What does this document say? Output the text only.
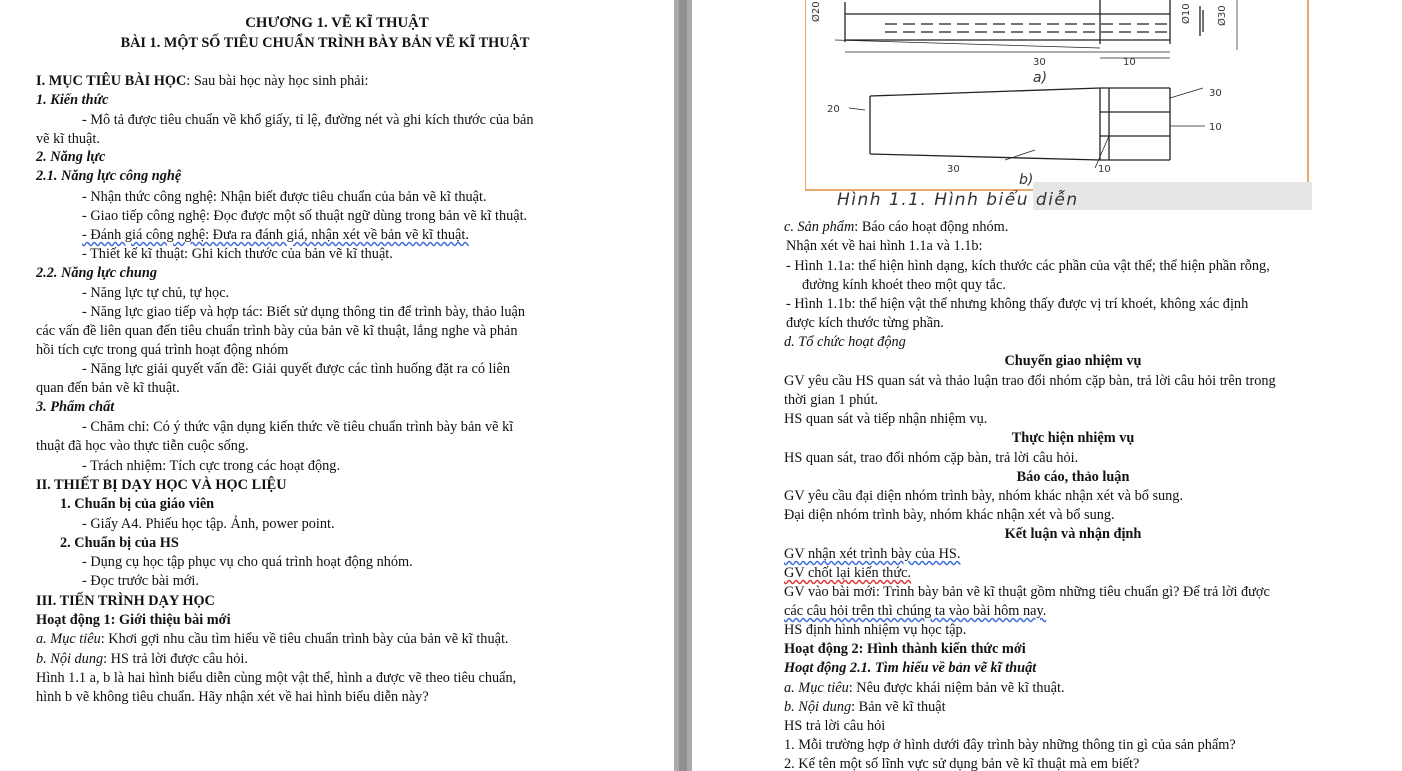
CHƯƠNG 1. VẼ KĨ THUẬT
BÀI 1. MỘT SỐ TIÊU CHUẨN TRÌNH BÀY BẢN VẼ KĨ THUẬT
I. MỤC TIÊU BÀI HỌC: Sau bài học này học sinh phải:
1. Kiến thức
- Mô tả được tiêu chuẩn về khổ giấy, tỉ lệ, đường nét và ghi kích thước của bản
vẽ kĩ thuật.
2. Năng lực
2.1. Năng lực công nghệ
- Nhận thức công nghệ: Nhận biết được tiêu chuẩn của bản vẽ kĩ thuật.
- Giao tiếp công nghệ: Đọc được một số thuật ngữ dùng trong bản vẽ kĩ thuật.
- Đánh giá công nghệ: Đưa ra đánh giá, nhận xét về bản vẽ kĩ thuật.
- Thiết kế kĩ thuật: Ghi kích thước của bản vẽ kĩ thuật.
2.2. Năng lực chung
- Năng lực tự chủ, tự học.
- Năng lực giao tiếp và hợp tác: Biết sử dụng thông tin để trình bày, thảo luận
các vấn đề liên quan đến tiêu chuẩn trình bày của bản vẽ kĩ thuật, lắng nghe và phản
hồi tích cực trong quá trình hoạt động nhóm
- Năng lực giải quyết vấn đề: Giải quyết được các tình huống đặt ra có liên
quan đến bản vẽ kĩ thuật.
3. Phẩm chất
- Chăm chỉ: Có ý thức vận dụng kiến thức về tiêu chuẩn trình bày bản vẽ kĩ
thuật đã học vào thực tiễn cuộc sống.
- Trách nhiệm: Tích cực trong các hoạt động.
II. THIẾT BỊ DẠY HỌC VÀ HỌC LIỆU
1. Chuẩn bị của giáo viên
- Giấy A4. Phiếu học tập. Ảnh, power point.
2. Chuẩn bị của HS
- Dụng cụ học tập phục vụ cho quá trình hoạt động nhóm.
- Đọc trước bài mới.
III. TIẾN TRÌNH DẠY HỌC
Hoạt động 1: Giới thiệu bài mới
a. Mục tiêu: Khơi gợi nhu cầu tìm hiểu về tiêu chuẩn trình bày của bản vẽ kĩ thuật.
b. Nội dung: HS trả lời được câu hỏi.
Hình 1.1 a, b là hai hình biểu diễn cùng một vật thể, hình a được vẽ theo tiêu chuẩn,
hình b vẽ không tiêu chuẩn. Hãy nhận xét về hai hình biểu diễn này?
Ø20	Ø10	Ø30
30	10
a)
30
20
10
30	10
b)
Hình 1.1. Hình biểu diễn
c. Sản phẩm: Báo cáo hoạt động nhóm.
Nhận xét về hai hình 1.1a và 1.1b:
- Hình 1.1a: thể hiện hình dạng, kích thước các phần của vật thể; thể hiện phần rỗng,
đường kính khoét theo một quy tắc.
- Hình 1.1b: thể hiện vật thể nhưng không thấy được vị trí khoét, không xác định
được kích thước từng phần.
d. Tổ chức hoạt động
Chuyển giao nhiệm vụ
GV yêu cầu HS quan sát và thảo luận trao đổi nhóm cặp bàn, trả lời câu hỏi trên trong
thời gian 1 phút.
HS quan sát và tiếp nhận nhiệm vụ.
Thực hiện nhiệm vụ
HS quan sát, trao đổi nhóm cặp bàn, trả lời câu hỏi.
Báo cáo, thảo luận
GV yêu cầu đại diện nhóm trình bày, nhóm khác nhận xét và bổ sung.
Đại diện nhóm trình bày, nhóm khác nhận xét và bổ sung.
Kết luận và nhận định
GV nhận xét trình bày của HS.
GV chốt lại kiến thức.
GV vào bài mới: Trình bày bản vẽ kĩ thuật gồm những tiêu chuẩn gì? Để trả lời được
các câu hỏi trên thì chúng ta vào bài hôm nay.
HS định hình nhiệm vụ học tập.
Hoạt động 2: Hình thành kiến thức mới
Hoạt động 2.1. Tìm hiểu về bản vẽ kĩ thuật
a. Mục tiêu: Nêu được khái niệm bản vẽ kĩ thuật.
b. Nội dung: Bản vẽ kĩ thuật
HS trả lời câu hỏi
1. Mỗi trường hợp ở hình dưới đây trình bày những thông tin gì của sản phẩm?
2. Kể tên một số lĩnh vực sử dụng bản vẽ kĩ thuật mà em biết?
